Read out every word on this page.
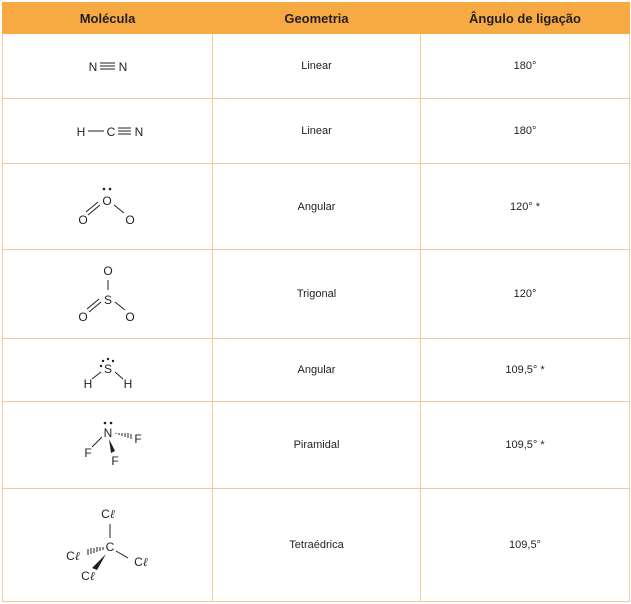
Molécula	Geometria	Ângulo de ligação

N N	Linear	180°

H C N	Linear	180°

O
O O	Angular	120° *

O
S
O O	Trigonal	120°

S
H H	Angular	109,5° *

N F
F
F	Piramidal	109,5° *

Cℓ
C
Cℓ Cℓ
Cℓ	Tetraédrica	109,5°
